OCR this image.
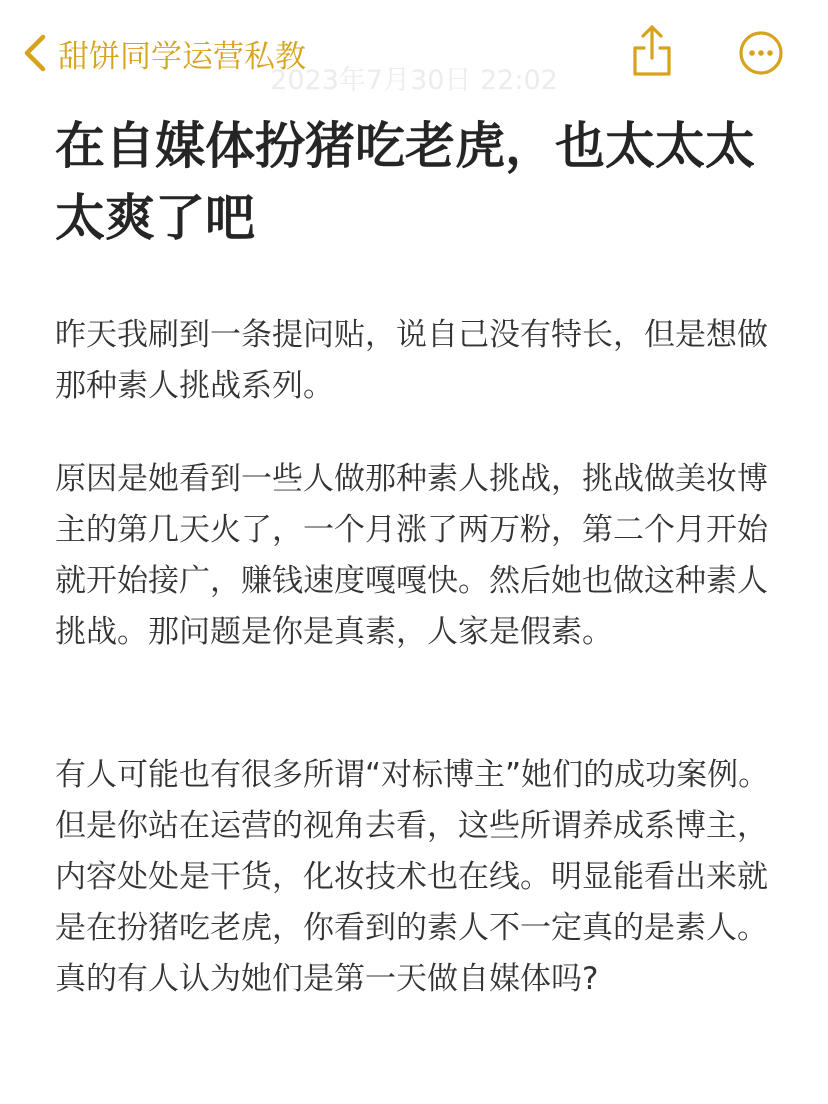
甜饼同学运营私教
2023年7月30日 22:02
在自媒体扮猪吃老虎，也太太太太爽了吧

昨天我刷到一条提问贴，说自己没有特长，但是想做那种素人挑战系列。

原因是她看到一些人做那种素人挑战，挑战做美妆博主的第几天火了，一个月涨了两万粉，第二个月开始就开始接广，赚钱速度嘎嘎快。然后她也做这种素人挑战。那问题是你是真素，人家是假素。

有人可能也有很多所谓“对标博主”她们的成功案例。但是你站在运营的视角去看，这些所谓养成系博主，内容处处是干货，化妆技术也在线。明显能看出来就是在扮猪吃老虎，你看到的素人不一定真的是素人。真的有人认为她们是第一天做自媒体吗?
